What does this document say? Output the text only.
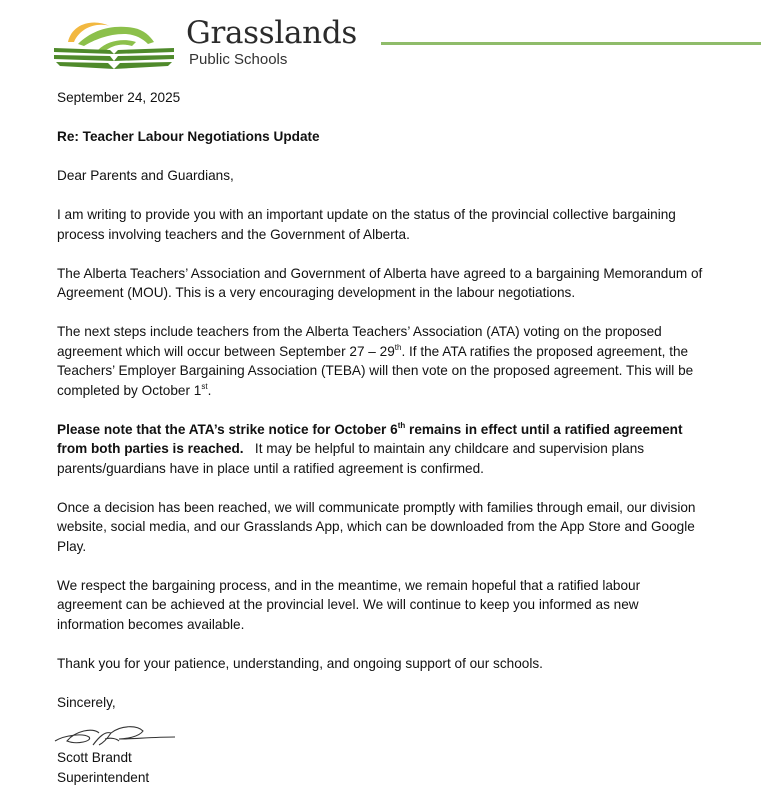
Grasslands
Public Schools

September 24, 2025

Re: Teacher Labour Negotiations Update

Dear Parents and Guardians,

I am writing to provide you with an important update on the status of the provincial collective bargaining process involving teachers and the Government of Alberta.

The Alberta Teachers’ Association and Government of Alberta have agreed to a bargaining Memorandum of Agreement (MOU). This is a very encouraging development in the labour negotiations.

The next steps include teachers from the Alberta Teachers’ Association (ATA) voting on the proposed agreement which will occur between September 27 – 29th. If the ATA ratifies the proposed agreement, the Teachers’ Employer Bargaining Association (TEBA) will then vote on the proposed agreement. This will be completed by October 1st.

Please note that the ATA’s strike notice for October 6th remains in effect until a ratified agreement from both parties is reached.   It may be helpful to maintain any childcare and supervision plans parents/guardians have in place until a ratified agreement is confirmed.

Once a decision has been reached, we will communicate promptly with families through email, our division website, social media, and our Grasslands App, which can be downloaded from the App Store and Google Play.

We respect the bargaining process, and in the meantime, we remain hopeful that a ratified labour agreement can be achieved at the provincial level. We will continue to keep you informed as new information becomes available.

Thank you for your patience, understanding, and ongoing support of our schools.

Sincerely,

Scott Brandt

Superintendent
